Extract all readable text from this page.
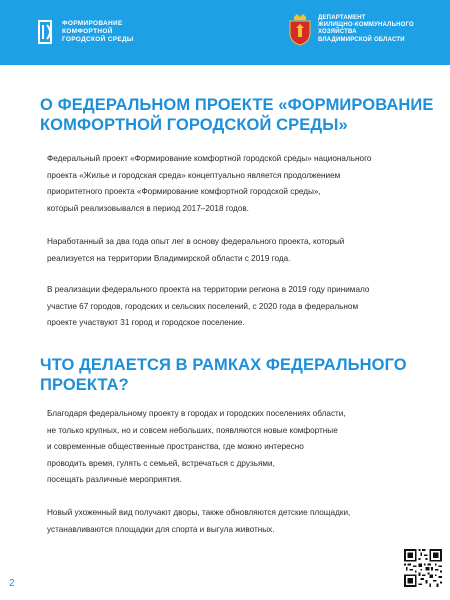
ФОРМИРОВАНИЕ
КОМФОРТНОЙ
ГОРОДСКОЙ СРЕДЫ
ДЕПАРТАМЕНТ
ЖИЛИЩНО-КОММУНАЛЬНОГО
ХОЗЯЙСТВА
ВЛАДИМИРСКОЙ ОБЛАСТИ
О ФЕДЕРАЛЬНОМ ПРОЕКТЕ «ФОРМИРОВАНИЕ
КОМФОРТНОЙ ГОРОДСКОЙ СРЕДЫ»
Федеральный проект «Формирование комфортной городской среды» национального
проекта «Жилье и городская среда» концептуально является продолжением
приоритетного проекта «Формирование комфортной городской среды»,
который реализовывался в период 2017–2018 годов.
Наработанный за два года опыт лег в основу федерального проекта, который
реализуется на территории Владимирской области с 2019 года.
В реализации федерального проекта на территории региона в 2019 году принимало
участие 67 городов, городских и сельских поселений, с 2020 года в федеральном
проекте участвуют 31 город и городское поселение.
ЧТО ДЕЛАЕТСЯ В РАМКАХ ФЕДЕРАЛЬНОГО
ПРОЕКТА?
Благодаря федеральному проекту в городах и городских поселениях области,
не только крупных, но и совсем небольших, появляются новые комфортные
и современные общественные пространства, где можно интересно
проводить время, гулять с семьей, встречаться с друзьями,
посещать различные мероприятия.
Новый ухоженный вид получают дворы, также обновляются детские площадки,
устанавливаются площадки для спорта и выгула животных.
2
